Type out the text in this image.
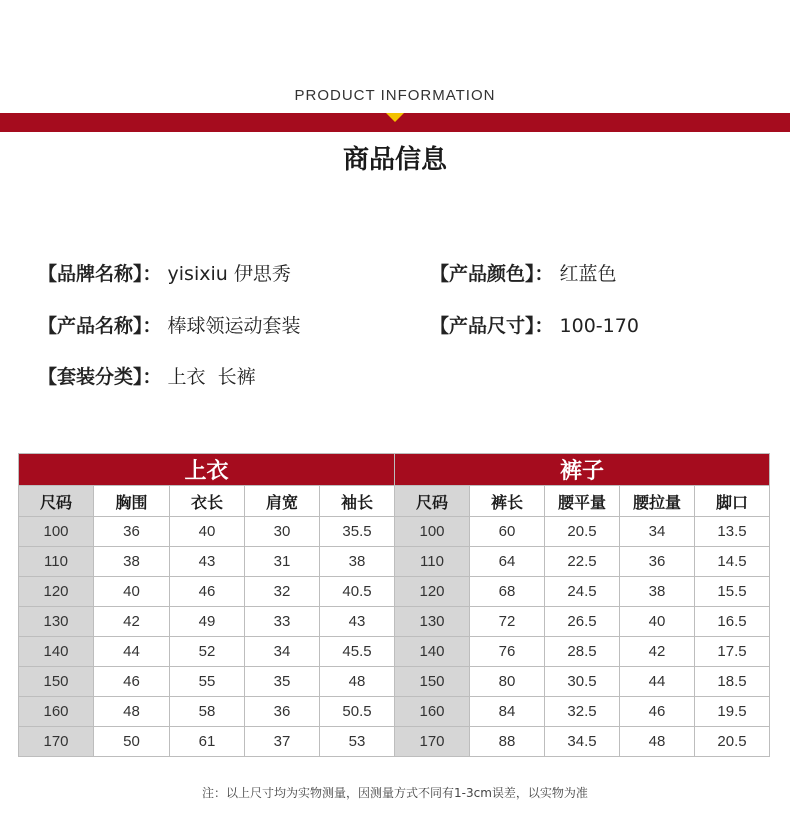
PRODUCT INFORMATION
商品信息
【品牌名称】： yisixiu 伊思秀	【产品颜色】： 红蓝色
【产品名称】： 棒球领运动套装	【产品尺寸】： 100-170
【套装分类】： 上衣  长裤
上衣					裤子				
尺码	胸围	衣长	肩宽	袖长	尺码	裤长	腰平量	腰拉量	脚口
100	36	40	30	35.5	100	60	20.5	34	13.5
110	38	43	31	38	110	64	22.5	36	14.5
120	40	46	32	40.5	120	68	24.5	38	15.5
130	42	49	33	43	130	72	26.5	40	16.5
140	44	52	34	45.5	140	76	28.5	42	17.5
150	46	55	35	48	150	80	30.5	44	18.5
160	48	58	36	50.5	160	84	32.5	46	19.5
170	50	61	37	53	170	88	34.5	48	20.5
注：以上尺寸均为实物测量，因测量方式不同有1-3cm误差，以实物为准
